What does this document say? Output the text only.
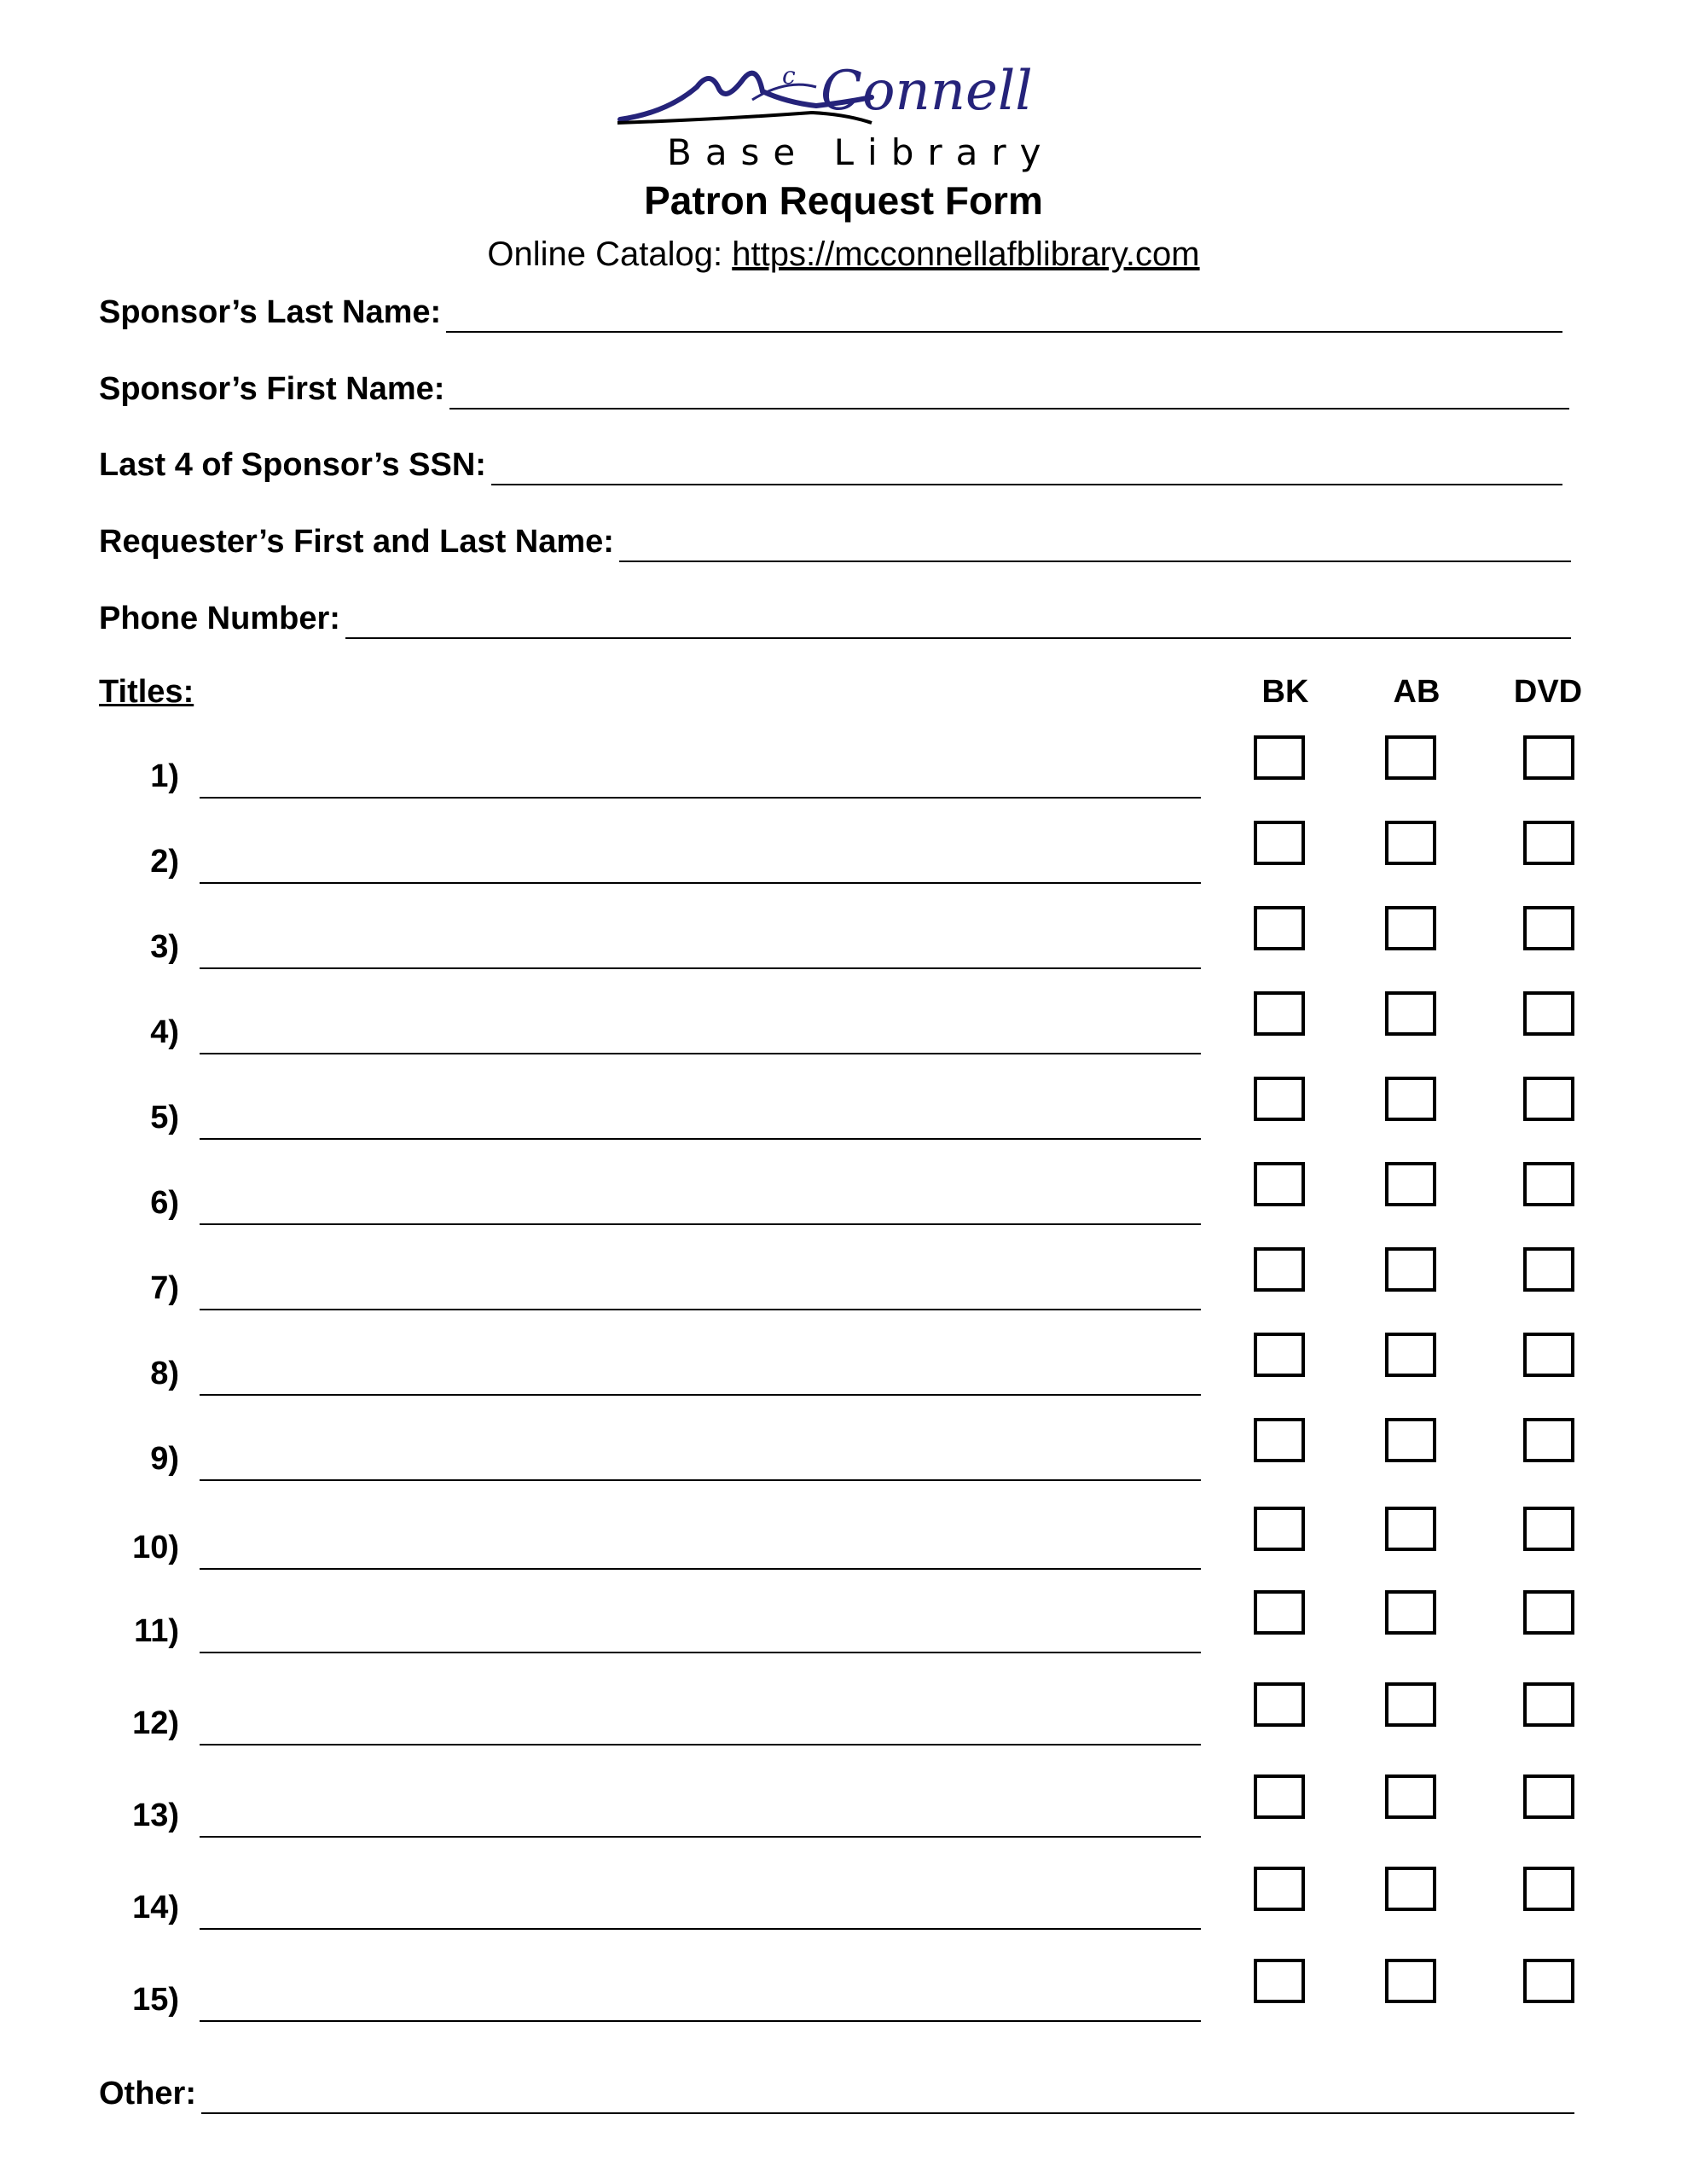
c Connell
Base Library
Patron Request Form
Online Catalog: https://mcconnellafblibrary.com
Sponsor’s Last Name:
Sponsor’s First Name:
Last 4 of Sponsor’s SSN:
Requester’s First and Last Name:
Phone Number:
Titles:	BK	AB	DVD
1)
2)
3)
4)
5)
6)
7)
8)
9)
10)
11)
12)
13)
14)
15)
Other:
